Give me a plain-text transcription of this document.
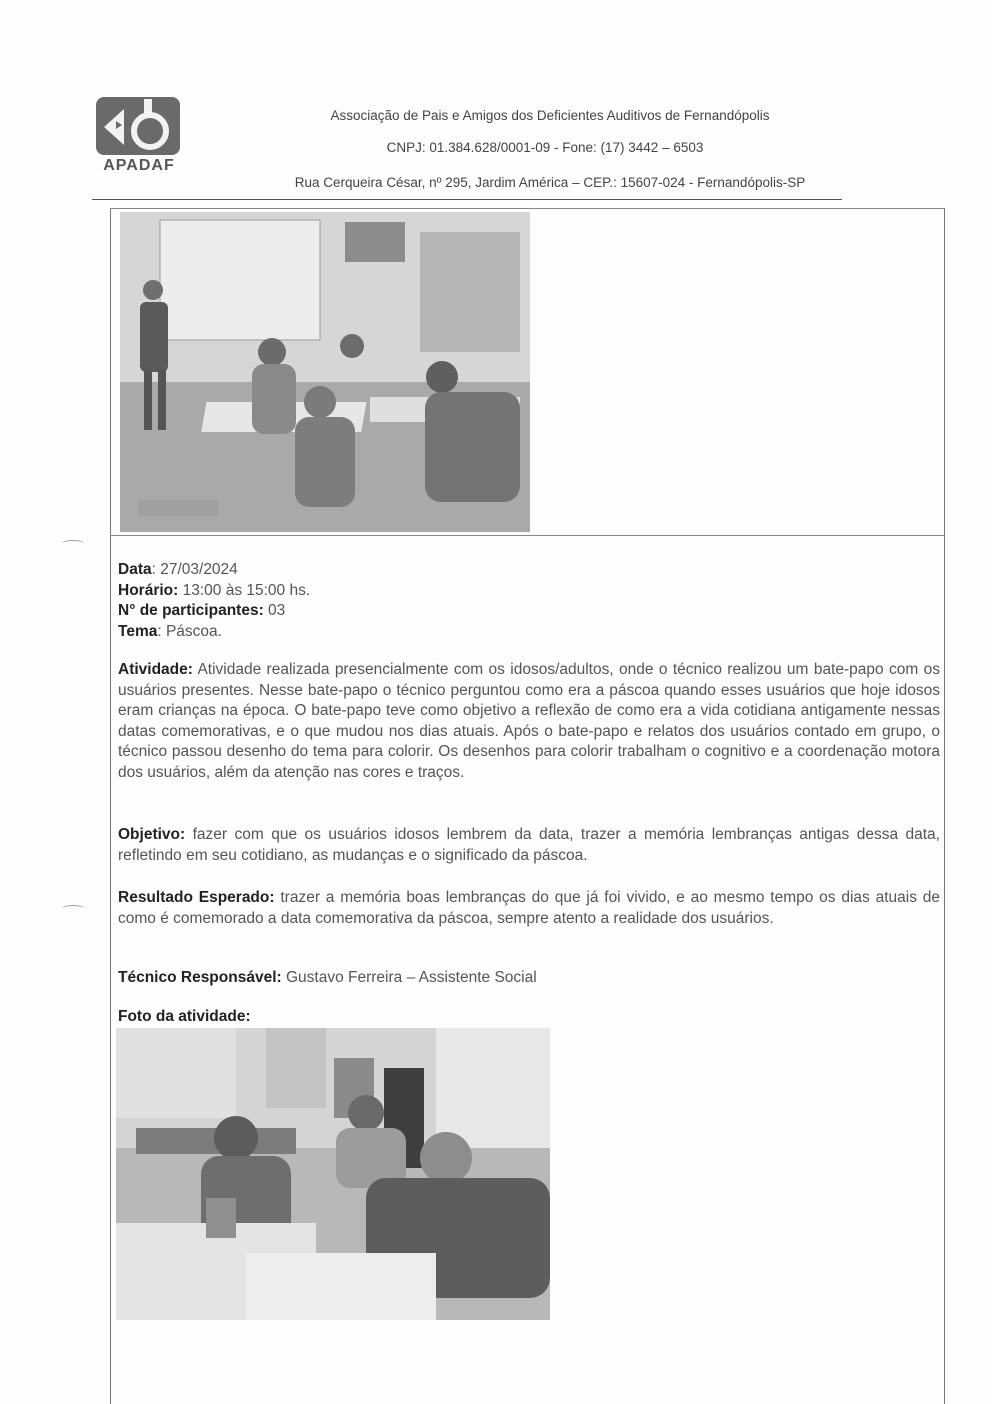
APADAF
Associação de Pais e Amigos dos Deficientes Auditivos de Fernandópolis
CNPJ: 01.384.628/0001-09 - Fone: (17) 3442 – 6503
Rua Cerqueira César, nº 295, Jardim América – CEP.: 15607-024 - Fernandópolis-SP
Data: 27/03/2024
Horário: 13:00 às 15:00 hs.
N° de participantes: 03
Tema: Páscoa.
Atividade: Atividade realizada presencialmente com os idosos/adultos, onde o técnico realizou um bate-papo com os usuários presentes. Nesse bate-papo o técnico perguntou como era a páscoa quando esses usuários que hoje idosos eram crianças na época. O bate-papo teve como objetivo a reflexão de como era a vida cotidiana antigamente nessas datas comemorativas, e o que mudou nos dias atuais. Após o bate-papo e relatos dos usuários contado em grupo, o técnico passou desenho do tema para colorir. Os desenhos para colorir trabalham o cognitivo e a coordenação motora dos usuários, além da atenção nas cores e traços.
Objetivo: fazer com que os usuários idosos lembrem da data, trazer a memória lembranças antigas dessa data, refletindo em seu cotidiano, as mudanças e o significado da páscoa.
Resultado Esperado: trazer a memória boas lembranças do que já foi vivido, e ao mesmo tempo os dias atuais de como é comemorado a data comemorativa da páscoa, sempre atento a realidade dos usuários.
Técnico Responsável: Gustavo Ferreira – Assistente Social
Foto da atividade:
